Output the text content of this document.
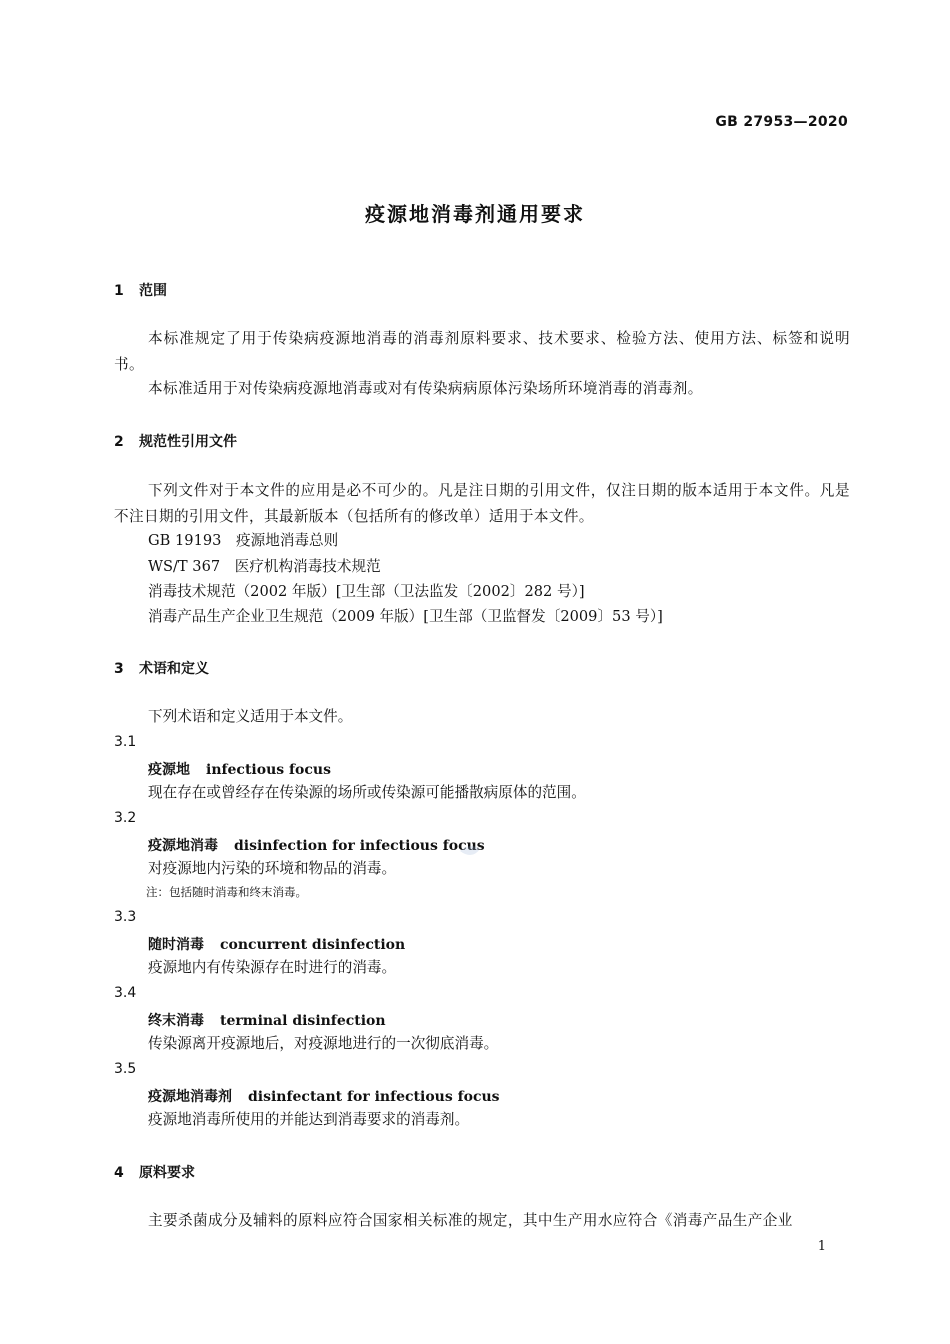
GB 27953—2020
疫源地消毒剂通用要求
1 范围
本标准规定了用于传染病疫源地消毒的消毒剂原料要求、技术要求、检验方法、使用方法、标签和说明书。
本标准适用于对传染病疫源地消毒或对有传染病病原体污染场所环境消毒的消毒剂。
2 规范性引用文件
下列文件对于本文件的应用是必不可少的。凡是注日期的引用文件，仅注日期的版本适用于本文件。凡是不注日期的引用文件，其最新版本（包括所有的修改单）适用于本文件。
GB 19193　疫源地消毒总则
WS/T 367　医疗机构消毒技术规范
消毒技术规范（2002 年版）[卫生部（卫法监发〔2002〕282 号）]
消毒产品生产企业卫生规范（2009 年版）[卫生部（卫监督发〔2009〕53 号）]
3 术语和定义
下列术语和定义适用于本文件。
3.1
疫源地 infectious focus
现在存在或曾经存在传染源的场所或传染源可能播散病原体的范围。
3.2
疫源地消毒 disinfection for infectious focus
对疫源地内污染的环境和物品的消毒。
注：包括随时消毒和终末消毒。
3.3
随时消毒 concurrent disinfection
疫源地内有传染源存在时进行的消毒。
3.4
终末消毒 terminal disinfection
传染源离开疫源地后，对疫源地进行的一次彻底消毒。
3.5
疫源地消毒剂 disinfectant for infectious focus
疫源地消毒所使用的并能达到消毒要求的消毒剂。
4 原料要求
主要杀菌成分及辅料的原料应符合国家相关标准的规定，其中生产用水应符合《消毒产品生产企业
1
